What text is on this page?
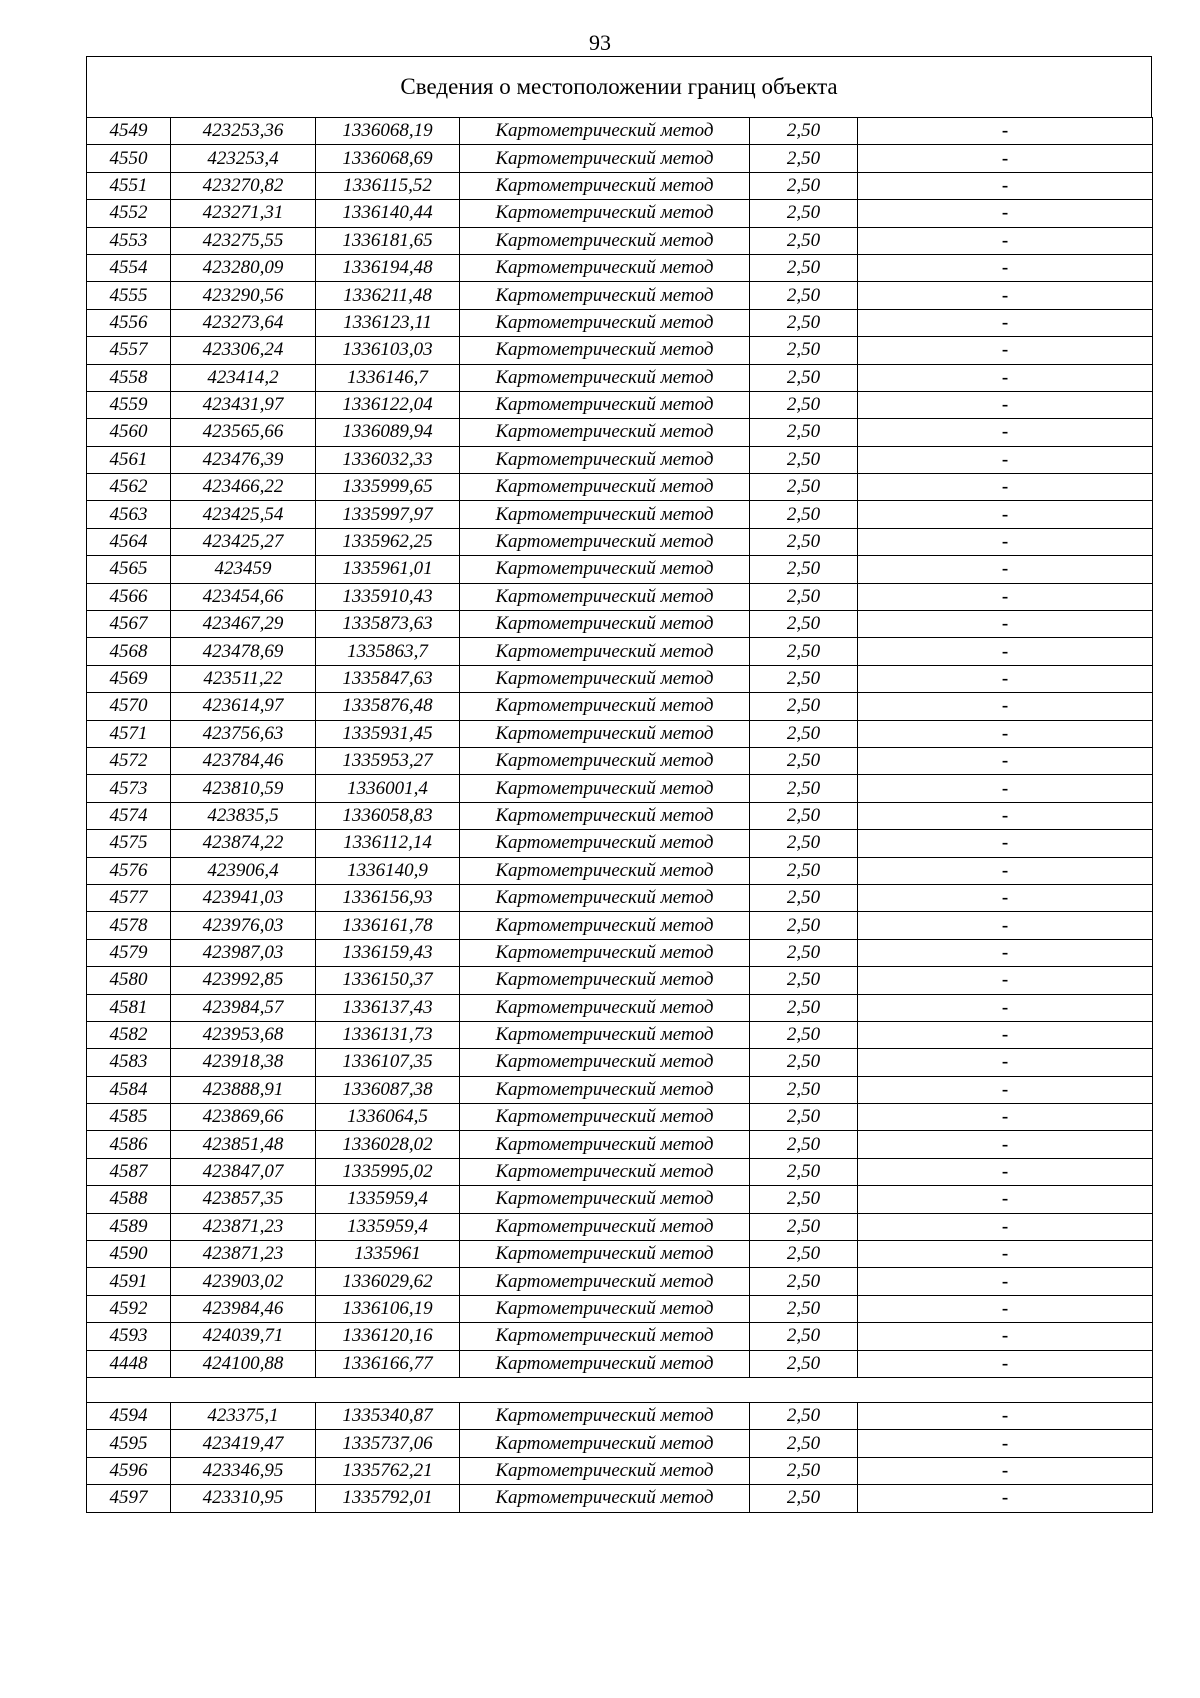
93
Сведения о местоположении границ объекта
4549	423253,36	1336068,19	Картометрический метод	2,50	-
4550	423253,4	1336068,69	Картометрический метод	2,50	-
4551	423270,82	1336115,52	Картометрический метод	2,50	-
4552	423271,31	1336140,44	Картометрический метод	2,50	-
4553	423275,55	1336181,65	Картометрический метод	2,50	-
4554	423280,09	1336194,48	Картометрический метод	2,50	-
4555	423290,56	1336211,48	Картометрический метод	2,50	-
4556	423273,64	1336123,11	Картометрический метод	2,50	-
4557	423306,24	1336103,03	Картометрический метод	2,50	-
4558	423414,2	1336146,7	Картометрический метод	2,50	-
4559	423431,97	1336122,04	Картометрический метод	2,50	-
4560	423565,66	1336089,94	Картометрический метод	2,50	-
4561	423476,39	1336032,33	Картометрический метод	2,50	-
4562	423466,22	1335999,65	Картометрический метод	2,50	-
4563	423425,54	1335997,97	Картометрический метод	2,50	-
4564	423425,27	1335962,25	Картометрический метод	2,50	-
4565	423459	1335961,01	Картометрический метод	2,50	-
4566	423454,66	1335910,43	Картометрический метод	2,50	-
4567	423467,29	1335873,63	Картометрический метод	2,50	-
4568	423478,69	1335863,7	Картометрический метод	2,50	-
4569	423511,22	1335847,63	Картометрический метод	2,50	-
4570	423614,97	1335876,48	Картометрический метод	2,50	-
4571	423756,63	1335931,45	Картометрический метод	2,50	-
4572	423784,46	1335953,27	Картометрический метод	2,50	-
4573	423810,59	1336001,4	Картометрический метод	2,50	-
4574	423835,5	1336058,83	Картометрический метод	2,50	-
4575	423874,22	1336112,14	Картометрический метод	2,50	-
4576	423906,4	1336140,9	Картометрический метод	2,50	-
4577	423941,03	1336156,93	Картометрический метод	2,50	-
4578	423976,03	1336161,78	Картометрический метод	2,50	-
4579	423987,03	1336159,43	Картометрический метод	2,50	-
4580	423992,85	1336150,37	Картометрический метод	2,50	-
4581	423984,57	1336137,43	Картометрический метод	2,50	-
4582	423953,68	1336131,73	Картометрический метод	2,50	-
4583	423918,38	1336107,35	Картометрический метод	2,50	-
4584	423888,91	1336087,38	Картометрический метод	2,50	-
4585	423869,66	1336064,5	Картометрический метод	2,50	-
4586	423851,48	1336028,02	Картометрический метод	2,50	-
4587	423847,07	1335995,02	Картометрический метод	2,50	-
4588	423857,35	1335959,4	Картометрический метод	2,50	-
4589	423871,23	1335959,4	Картометрический метод	2,50	-
4590	423871,23	1335961	Картометрический метод	2,50	-
4591	423903,02	1336029,62	Картометрический метод	2,50	-
4592	423984,46	1336106,19	Картометрический метод	2,50	-
4593	424039,71	1336120,16	Картометрический метод	2,50	-
4448	424100,88	1336166,77	Картометрический метод	2,50	-

4594	423375,1	1335340,87	Картометрический метод	2,50	-
4595	423419,47	1335737,06	Картометрический метод	2,50	-
4596	423346,95	1335762,21	Картометрический метод	2,50	-
4597	423310,95	1335792,01	Картометрический метод	2,50	-
